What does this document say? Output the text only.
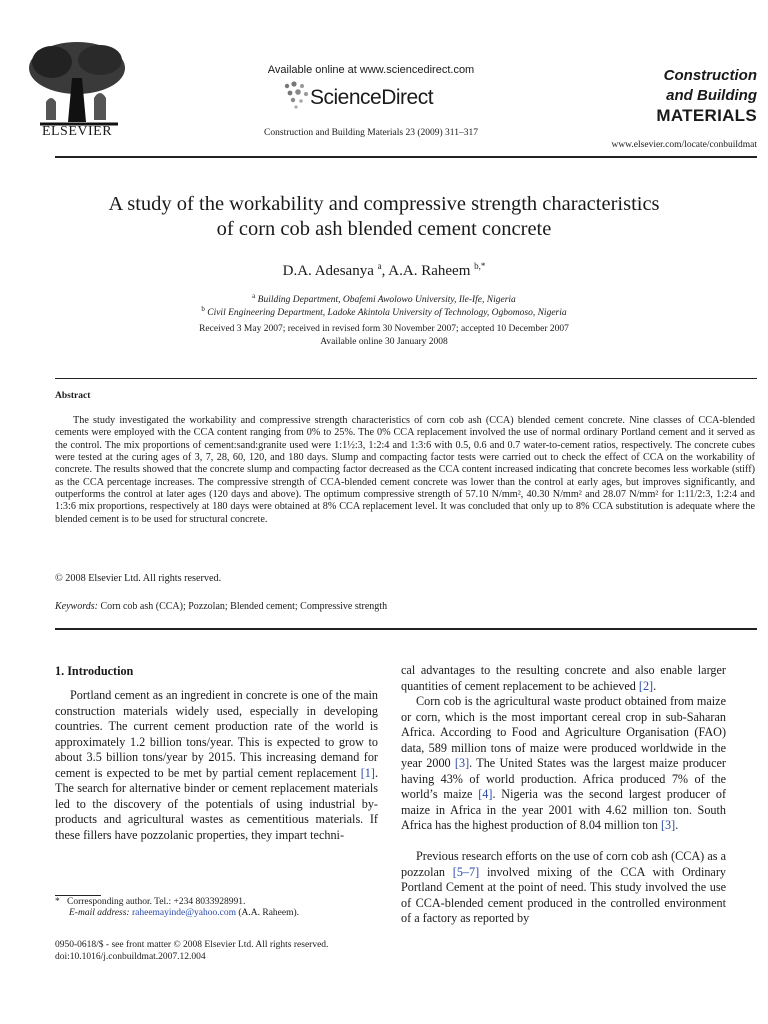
ELSEVIER
Available online at www.sciencedirect.com
ScienceDirect
Construction and Building Materials 23 (2009) 311–317
Construction
and Building
MATERIALS
www.elsevier.com/locate/conbuildmat
A study of the workability and compressive strength characteristics
of corn cob ash blended cement concrete
D.A. Adesanya $^a$, A.A. Raheem $^{b,*}$
$^a$ Building Department, Obafemi Awolowo University, Ile-Ife, Nigeria
$^b$ Civil Engineering Department, Ladoke Akintola University of Technology, Ogbomoso, Nigeria
Received 3 May 2007; received in revised form 30 November 2007; accepted 10 December 2007
Available online 30 January 2008
Abstract

The study investigated the workability and compressive strength characteristics of corn cob ash (CCA) blended cement concrete. Nine classes of CCA-blended cements were employed with the CCA content ranging from 0% to 25%. The 0% CCA replacement involved the use of normal ordinary Portland cement and it served as the control. The mix proportions of cement:sand:granite used were 1:1½:3, 1:2:4 and 1:3:6 with 0.5, 0.6 and 0.7 water-to-cement ratios, respectively. The concrete cubes were tested at the curing ages of 3, 7, 28, 60, 120, and 180 days. Slump and compacting factor tests were carried out to check the effect of CCA on the workability of concrete. The results showed that the concrete slump and compacting factor decreased as the CCA content increased indicating that concrete becomes less workable (stiff) as the CCA percentage increases. The compressive strength of CCA-blended cement concrete was lower than the control at early ages, but improves significantly, and outperforms the control at later ages (120 days and above). The optimum compressive strength of 57.10 N/mm², 40.30 N/mm² and 28.07 N/mm² for 1:11/2:3, 1:2:4 and 1:3:6 mix proportions, respectively at 180 days were obtained at 8% CCA replacement level. It was concluded that only up to 8% CCA substitution is adequate where the blended cement is to be used for structural concrete.

© 2008 Elsevier Ltd. All rights reserved.
Keywords: Corn cob ash (CCA); Pozzolan; Blended cement; Compressive strength
1. Introduction

Portland cement as an ingredient in concrete is one of the main construction materials widely used, especially in developing countries. The current cement production rate of the world is approximately 1.2 billion tons/year. This is expected to grow to about 3.5 billion tons/year by 2015. This increasing demand for cement is expected to be met by partial cement replacement [1]. The search for alternative binder or cement replacement materials led to the discovery of the potentials of using industrial by-products and agricultural wastes as cementitious materials. If these fillers have pozzolanic properties, they impart techni-

cal advantages to the resulting concrete and also enable larger quantities of cement replacement to be achieved [2].

Corn cob is the agricultural waste product obtained from maize or corn, which is the most important cereal crop in sub-Saharan Africa. According to Food and Agriculture Organisation (FAO) data, 589 million tons of maize were produced worldwide in the year 2000 [3]. The United States was the largest maize producer having 43% of world production. Africa produced 7% of the world’s maize [4]. Nigeria was the second largest producer of maize in Africa in the year 2001 with 4.62 million ton. South Africa has the highest production of 8.04 million ton [3].

Previous research efforts on the use of corn cob ash (CCA) as a pozzolan [5–7] involved mixing of the CCA with Ordinary Portland Cement at the point of need. This study involved the use of CCA-blended cement produced in the controlled environment of a factory as reported by

* Corresponding author. Tel.: +234 8033928991.
E-mail address: raheemayinde@yahoo.com (A.A. Raheem).
0950-0618/$ - see front matter © 2008 Elsevier Ltd. All rights reserved.
doi:10.1016/j.conbuildmat.2007.12.004
